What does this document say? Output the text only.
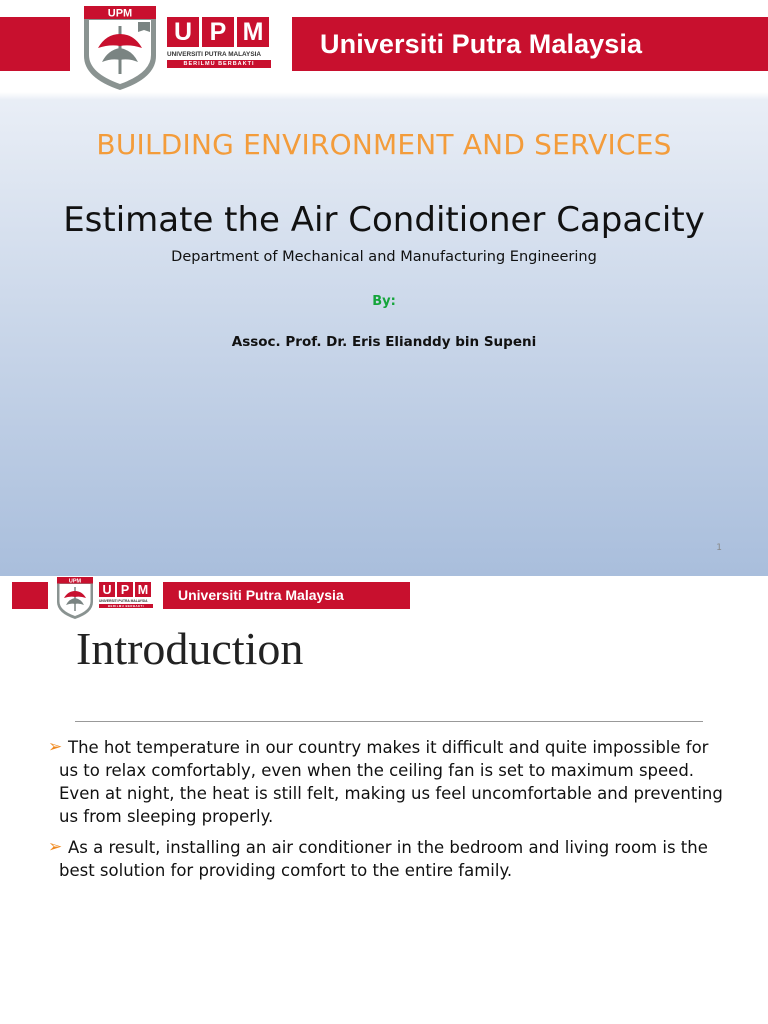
Universiti Putra Malaysia
UPM
U P M
UNIVERSITI PUTRA MALAYSIA
BERILMU BERBAKTI
BUILDING ENVIRONMENT AND SERVICES
Estimate the Air Conditioner Capacity
Department of Mechanical and Manufacturing Engineering
By:
Assoc. Prof. Dr. Eris Elianddy bin Supeni
1
Universiti Putra Malaysia
UPM
U P M
UNIVERSITI PUTRA MALAYSIA
BERILMU BERBAKTI
Introduction
➢ The hot temperature in our country makes it difficult and quite impossible for us to relax comfortably, even when the ceiling fan is set to maximum speed. Even at night, the heat is still felt, making us feel uncomfortable and preventing us from sleeping properly.
➢ As a result, installing an air conditioner in the bedroom and living room is the best solution for providing comfort to the entire family.
